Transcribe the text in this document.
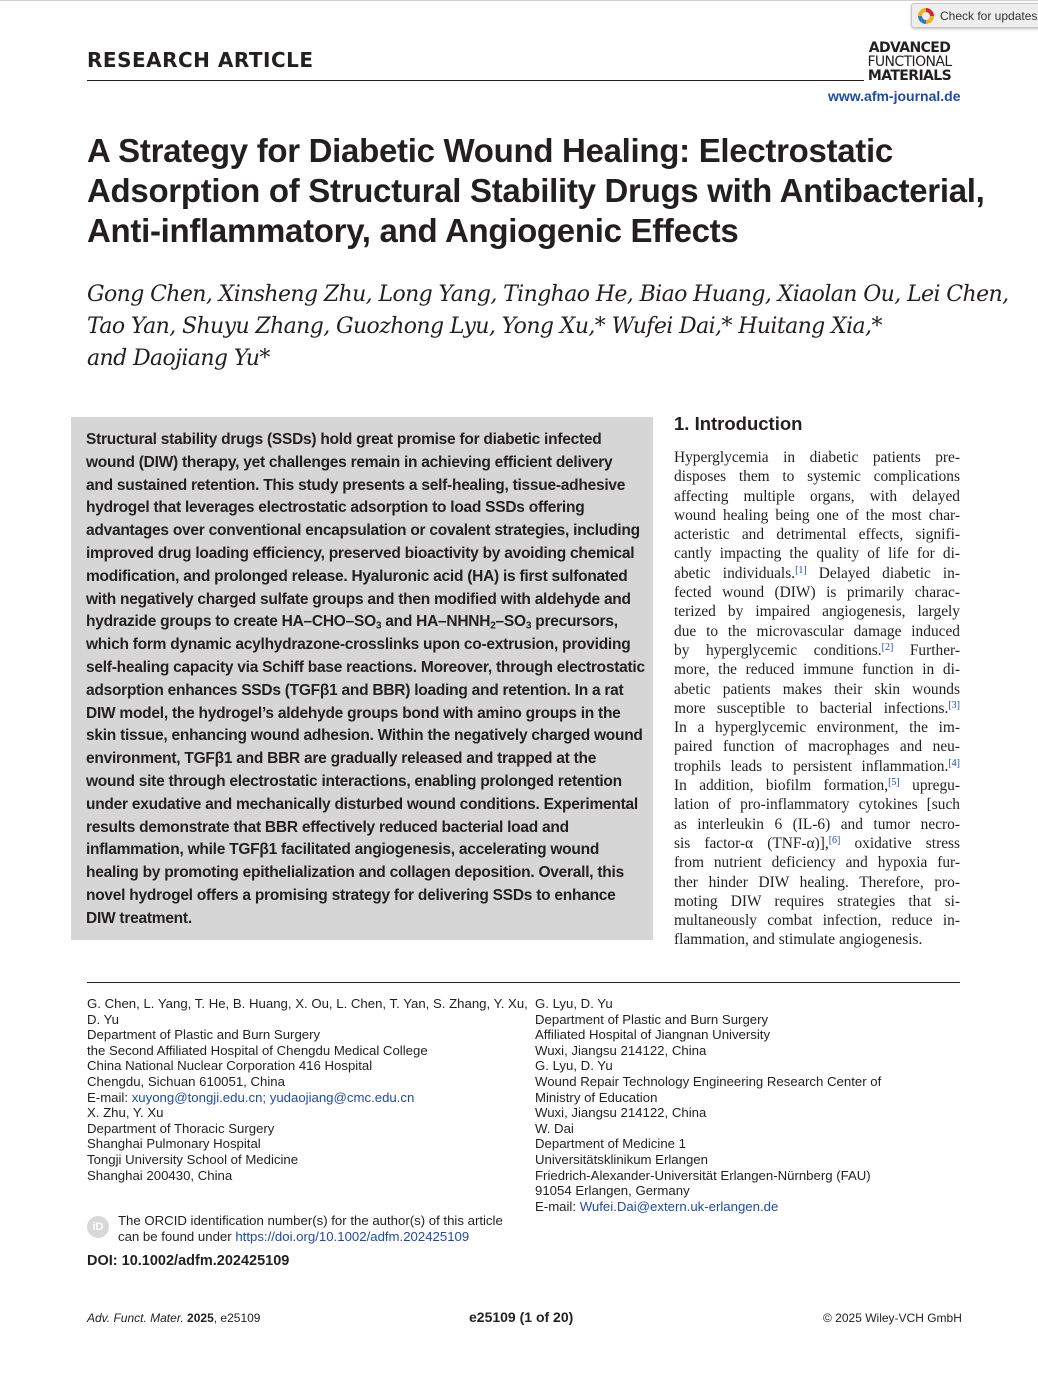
Check for updates
RESEARCH ARTICLE	ADVANCED
FUNCTIONAL
MATERIALS
www.afm-journal.de
A Strategy for Diabetic Wound Healing: Electrostatic
Adsorption of Structural Stability Drugs with Antibacterial,
Anti-inflammatory, and Angiogenic Effects
Gong Chen, Xinsheng Zhu, Long Yang, Tinghao He, Biao Huang, Xiaolan Ou, Lei Chen,
Tao Yan, Shuyu Zhang, Guozhong Lyu, Yong Xu,* Wufei Dai,* Huitang Xia,*
and Daojiang Yu*
Structural stability drugs (SSDs) hold great promise for diabetic infected
wound (DIW) therapy, yet challenges remain in achieving efficient delivery
and sustained retention. This study presents a self-healing, tissue-adhesive
hydrogel that leverages electrostatic adsorption to load SSDs offering
advantages over conventional encapsulation or covalent strategies, including
improved drug loading efficiency, preserved bioactivity by avoiding chemical
modification, and prolonged release. Hyaluronic acid (HA) is first sulfonated
with negatively charged sulfate groups and then modified with aldehyde and
hydrazide groups to create $HA-CHO-SO_3$ and $HA-NHNH_2-SO_3$ precursors,
which form dynamic acylhydrazone-crosslinks upon co-extrusion, providing
self-healing capacity via Schiff base reactions. Moreover, through electrostatic
adsorption enhances SSDs (TGFβ1 and BBR) loading and retention. In a rat
DIW model, the hydrogel’s aldehyde groups bond with amino groups in the
skin tissue, enhancing wound adhesion. Within the negatively charged wound
environment, TGFβ1 and BBR are gradually released and trapped at the
wound site through electrostatic interactions, enabling prolonged retention
under exudative and mechanically disturbed wound conditions. Experimental
results demonstrate that BBR effectively reduced bacterial load and
inflammation, while TGFβ1 facilitated angiogenesis, accelerating wound
healing by promoting epithelialization and collagen deposition. Overall, this
novel hydrogel offers a promising strategy for delivering SSDs to enhance
DIW treatment.
1. Introduction
Hyperglycemia in diabetic patients pre-
disposes them to systemic complications
affecting multiple organs, with delayed
wound healing being one of the most char-
acteristic and detrimental effects, signifi-
cantly impacting the quality of life for di-
abetic individuals.[1] Delayed diabetic in-
fected wound (DIW) is primarily charac-
terized by impaired angiogenesis, largely
due to the microvascular damage induced
by hyperglycemic conditions.[2] Further-
more, the reduced immune function in di-
abetic patients makes their skin wounds
more susceptible to bacterial infections.[3]
In a hyperglycemic environment, the im-
paired function of macrophages and neu-
trophils leads to persistent inflammation.[4]
In addition, biofilm formation,[5] upregu-
lation of pro-inflammatory cytokines [such
as interleukin 6 (IL-6) and tumor necro-
sis factor-α (TNF-α)],[6] oxidative stress
from nutrient deficiency and hypoxia fur-
ther hinder DIW healing. Therefore, pro-
moting DIW requires strategies that si-
multaneously combat infection, reduce in-
flammation, and stimulate angiogenesis.
G. Chen, L. Yang, T. He, B. Huang, X. Ou, L. Chen, T. Yan, S. Zhang, Y. Xu,
D. Yu
Department of Plastic and Burn Surgery
the Second Affiliated Hospital of Chengdu Medical College
China National Nuclear Corporation 416 Hospital
Chengdu, Sichuan 610051, China
E-mail: xuyong@tongji.edu.cn; yudaojiang@cmc.edu.cn
X. Zhu, Y. Xu
Department of Thoracic Surgery
Shanghai Pulmonary Hospital
Tongji University School of Medicine
Shanghai 200430, China
G. Lyu, D. Yu
Department of Plastic and Burn Surgery
Affiliated Hospital of Jiangnan University
Wuxi, Jiangsu 214122, China
G. Lyu, D. Yu
Wound Repair Technology Engineering Research Center of
Ministry of Education
Wuxi, Jiangsu 214122, China
W. Dai
Department of Medicine 1
Universitätsklinikum Erlangen
Friedrich-Alexander-Universität Erlangen-Nürnberg (FAU)
91054 Erlangen, Germany
E-mail: Wufei.Dai@extern.uk-erlangen.de
iD	The ORCID identification number(s) for the author(s) of this article
can be found under https://doi.org/10.1002/adfm.202425109
DOI: 10.1002/adfm.202425109
Adv. Funct. Mater. 2025, e25109	e25109 (1 of 20)	© 2025 Wiley-VCH GmbH
